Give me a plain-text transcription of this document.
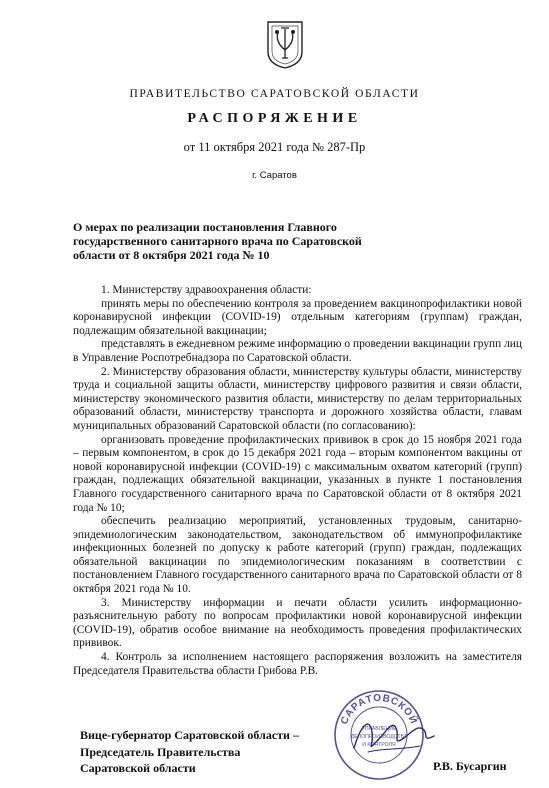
ПРАВИТЕЛЬСТВО САРАТОВСКОЙ ОБЛАСТИ
РАСПОРЯЖЕНИЕ
от 11 октября 2021 года № 287-Пр
г. Саратов
О мерах по реализации постановления Главного государственного санитарного врача по Саратовской области от 8 октября 2021 года № 10

1. Министерству здравоохранения области:

принять меры по обеспечению контроля за проведением вакцинопрофилактики новой коронавирусной инфекции (COVID-19) отдельным категориям (группам) граждан, подлежащим обязательной вакцинации;

представлять в ежедневном режиме информацию о проведении вакцинации групп лиц в Управление Роспотребнадзора по Саратовской области.

2. Министерству образования области, министерству культуры области, министерству труда и социальной защиты области, министерству цифрового развития и связи области, министерству экономического развития области, министерству по делам территориальных образований области, министерству транспорта и дорожного хозяйства области, главам муниципальных образований Саратовской области (по согласованию):

организовать проведение профилактических прививок в срок до 15 ноября 2021 года – первым компонентом, в срок до 15 декабря 2021 года – вторым компонентом вакцины от новой коронавирусной инфекции (COVID-19) с максимальным охватом категорий (групп) граждан, подлежащих обязательной вакцинации, указанных в пункте 1 постановления Главного государственного санитарного врача по Саратовской области от 8 октября 2021 года № 10;

обеспечить реализацию мероприятий, установленных трудовым, санитарно-эпидемиологическим законодательством, законодательством об иммунопрофилактике инфекционных болезней по допуску к работе категорий (групп) граждан, подлежащих обязательной вакцинации по эпидемиологическим показаниям в соответствии с постановлением Главного государственного санитарного врача по Саратовской области от 8 октября 2021 года № 10.

3. Министерству информации и печати области усилить информационно-разъяснительную работу по вопросам профилактики новой коронавирусной инфекции (COVID-19), обратив особое внимание на необходимость проведения профилактических прививок.

4. Контроль за исполнением настоящего распоряжения возложить на заместителя Председателя Правительства области Грибова Р.В.

Вице-губернатор Саратовской области –
Председатель Правительства
Саратовской области
САРАТОВСКОЙ
УПРАВЛЕНИЕ
ДЕЛОПРОИЗВОДСТВА
И КОНТРОЛЯ
Р.В. Бусаргин
